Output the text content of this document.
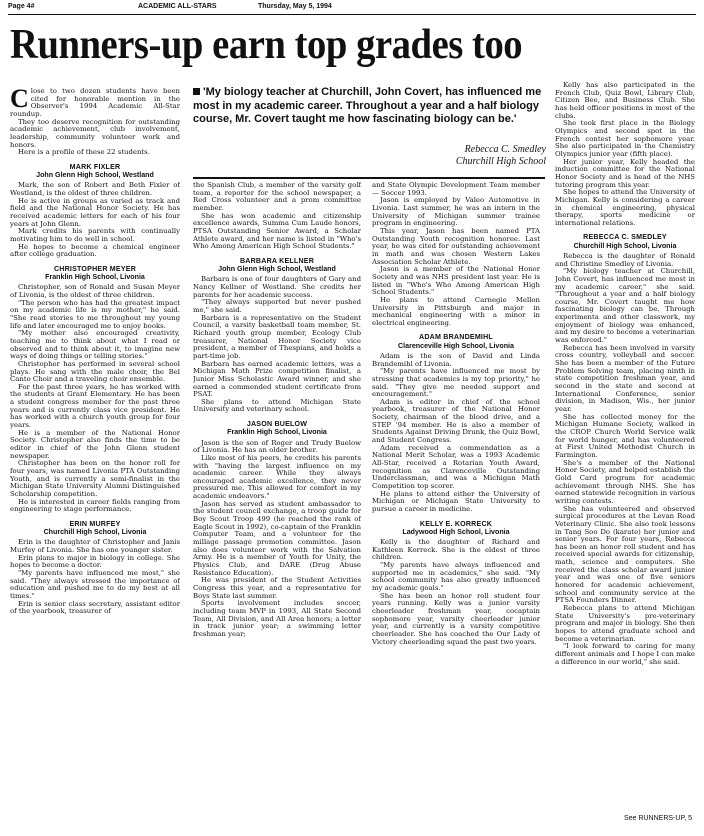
Page 4#	ACADEMIC ALL-STARS	Thursday, May 5, 1994
Runners-up earn top grades too
'My biology teacher at Churchill, John Covert, has influenced me most in my academic career. Throughout a year and a half biology course, Mr. Covert taught me how fascinating biology can be.'
Rebecca C. Smedley
Churchill High School

Close to two dozen students have been cited for honorable mention in the Observer's 1994 Academic All-Star roundup.

They too deserve recognition for outstanding academic achievement, club involvement, leadership, community volunteer work and honors.

Here is a profile of these 22 students.

MARK FIXLER
John Glenn High School, Westland

Mark, the son of Robert and Beth Fixler of Westland, is the oldest of three children.

He is active in groups as varied as track and field and the National Honor Society. He has received academic letters for each of his four years at John Glenn.

Mark credits his parents with continually motivating him to do well in school.

He hopes to become a chemical engineer after college graduation.

CHRISTOPHER MEYER
Franklin High School, Livonia

Christopher, son of Ronald and Susan Meyer of Livonia, is the oldest of three children.

"The person who has had the greatest impact on my academic life is my mother," he said. "She read stories to me throughout my young life and later encouraged me to enjoy books.

"My mother also encouraged creativity, teaching me to think about what I read or observed and to think about it, to imagine new ways of doing things or telling stories."

Christopher has performed in several school plays. He sang with the male choir, the Bel Canto Choir and a traveling choir ensemble.

For the past three years, he has worked with the students at Grant Elementary. He has been a student congress member for the past three years and is currently class vice president. He has worked with a church youth group for four years.

He is a member of the National Honor Society. Christopher also finds the time to be editor in chief of the John Glenn student newspaper.

Christopher has been on the honor roll for four years, was named Livonia PTA Outstanding Youth, and is currently a semi-finalist in the Michigan State University Alumni Distinguished Scholarship competition.

He is interested in career fields ranging from engineering to stage performance.

ERIN MURFEY
Churchill High School, Livonia

Erin is the daughter of Christopher and Janis Murfey of Livonia. She has one younger sister.

Erin plans to major in biology in college. She hopes to become a doctor.

"My parents have influenced me most," she said. "They always stressed the importance of education and pushed me to do my best at all times."

Erin is senior class secretary, assistant editor of the yearbook, treasurer of

the Spanish Club, a member of the varsity golf team, a reporter for the school newspaper, a Red Cross volunteer and a prom committee member.

She has won academic and citizenship excellence awards, Summa Cum Laude honors, PTSA Outstanding Senior Award, a Scholar Athlete award, and her name is listed in "Who's Who Among American High School Students."

BARBARA KELLNER
John Glenn High School, Westland

Barbara is one of four daughters of Gary and Nancy Kellner of Westland. She credits her parents for her academic success.

"They always supported but never pushed me," she said.

Barbara is a representative on the Student Council, a varsity basketball team member, St. Richard youth group member, Ecology Club treasurer, National Honor Society vice president, a member of Thespians, and holds a part-time job.

Barbara has earned academic letters, was a Michigan Math Prize competition finalist, a Junior Miss Scholastic Award winner, and she earned a commended student certificate from PSAT.

She plans to attend Michigan State University and veterinary school.

JASON BUELOW
Franklin High School, Livonia

Jason is the son of Roger and Trudy Buelow of Livonia. He has an older brother.

Like most of his peers, he credits his parents with "having the largest influence on my academic career. While they always encouraged academic excellence, they never pressured me. This allowed for comfort in my academic endeavors."

Jason has served as student ambassador to the student council exchange, a troop guide for Boy Scout Troop 499 (he reached the rank of Eagle Scout in 1992), co-captain of the Franklin Computer Team, and a volunteer for the millage passage promotion committee. Jason also does volunteer work with the Salvation Army. He is a member of Youth for Unity, the Physics Club, and DARE (Drug Abuse Resistance Education).

He was president of the Student Activities Congress this year, and a representative for Boys State last summer.

Sports involvement includes soccer, including team MVP in 1993, All State Second Team, All Division, and All Area honors; a letter in track junior year; a swimming letter freshman year;

and State Olympic Development Team member — Soccer 1993.

Jason is employed by Valeo Automotive in Livonia. Last summer, he was an intern in the University of Michigan summer trainee program in engineering.

This year, Jason has been named PTA Outstanding Youth recognition honoree. Last year, he was cited for outstanding achievement in math and was chosen Western Lakes Association Scholar Athlete.

Jason is a member of the National Honor Society and was NHS president last year. He is listed in "Who's Who Among American High School Students."

He plans to attend Carnegie Mellon University in Pittsburgh and major in mechanical engineering with a minor in electrical engineering.

ADAM BRANDEMIHL
Clarenceville High School, Livonia

Adam is the son of David and Linda Brandemihl of Livonia.

"My parents have influenced me most by stressing that academics is my top priority," he said. "They give me needed support and encouragement."

Adam is editor in chief of the school yearbook, treasurer of the National Honor Society, chairman of the blood drive, and a STEP '94 member. He is also a member of Students Against Driving Drunk, the Quiz Bowl, and Student Congress.

Adam received a commendation as a National Merit Scholar, was a 1993 Academic All-Star, received a Rotarian Youth Award, recognition as Clarenceville Outstanding Underclassman, and was a Michigan Math Competition top scorer.

He plans to attend either the University of Michigan or Michigan State University to pursue a career in medicine.

KELLY E. KORRECK
Ladywood High School, Livonia

Kelly is the daughter of Richard and Kathleen Korreck. She is the eldest of three children.

"My parents have always influenced and supported me in academics," she said. "My school community has also greatly influenced my academic goals."

She has been an honor roll student four years running. Kelly was a junior varsity cheerleader freshman year, cocaptain sophomore year, varsity cheerleader junior year, and currently is a varsity competitive cheerleader. She has coached the Our Lady of Victory cheerleading squad the past two years.

Kelly has also participated in the French Club, Quiz Bowl, Library Club, Citizen Bee, and Business Club. She has held officer positions in most of the clubs.

She took first place in the Biology Olympics and second spot in the French contest her sophomore year. She also participated in the Chemistry Olympics junior year (fifth place).

Her junior year, Kelly headed the induction committee for the National Honor Society and is head of the NHS tutoring program this year.

She hopes to attend the University of Michigan. Kelly is considering a career in chemical engineering, physical therapy, sports medicine or international relations.

REBECCA C. SMEDLEY
Churchill High School, Livonia

Rebecca is the daughter of Ronald and Christine Smedley of Livonia.

"My biology teacher at Churchill, John Covert, has influenced me most in my academic career," she said. "Throughout a year and a half biology course, Mr. Covert taught me how fascinating biology can be. Through experimenta and other classwork, my enjoyment of biology was enhanced, and my desire to become a veterinarian was enforced."

Rebecca has been involved in varsity cross country, volleyball and soccer. She has been a member of the Future Problem Solving team, placing ninth in state competition freshman year, and second in the state and second at International Conference, senior division, in Madison, Wis., her junior year.

She has collected money for the Michigan Humane Society, walked in the CROP Church World Service walk for world hunger, and has volunteered at First United Methodist Church in Farmington.

She's a member of the National Honor Society, and helped establish the Gold Card program for academic achievement through NHS. She has earned statewide recognition in various writing contests.

She has volunteered and observed surgical procedures at the Levan Road Veterinary Clinic. She also took lessons in Tang Soo Do (karate) her junior and senior years. For four years, Rebecca has been an honor roll student and has received special awards for citizenship, math, science and computers. She received the class scholar award junior year and was one of five seniors honored for academic achievement, school and community service at the PTSA Founders Dinner.

Rebecca plans to attend Michigan State University's pre-veterinary program and major in biology. She then hopes to attend graduate school and become a veterinarian.

"I look forward to caring for many different animals and I hope I can make a difference in our world," she said.

See RUNNERS-UP, 5
